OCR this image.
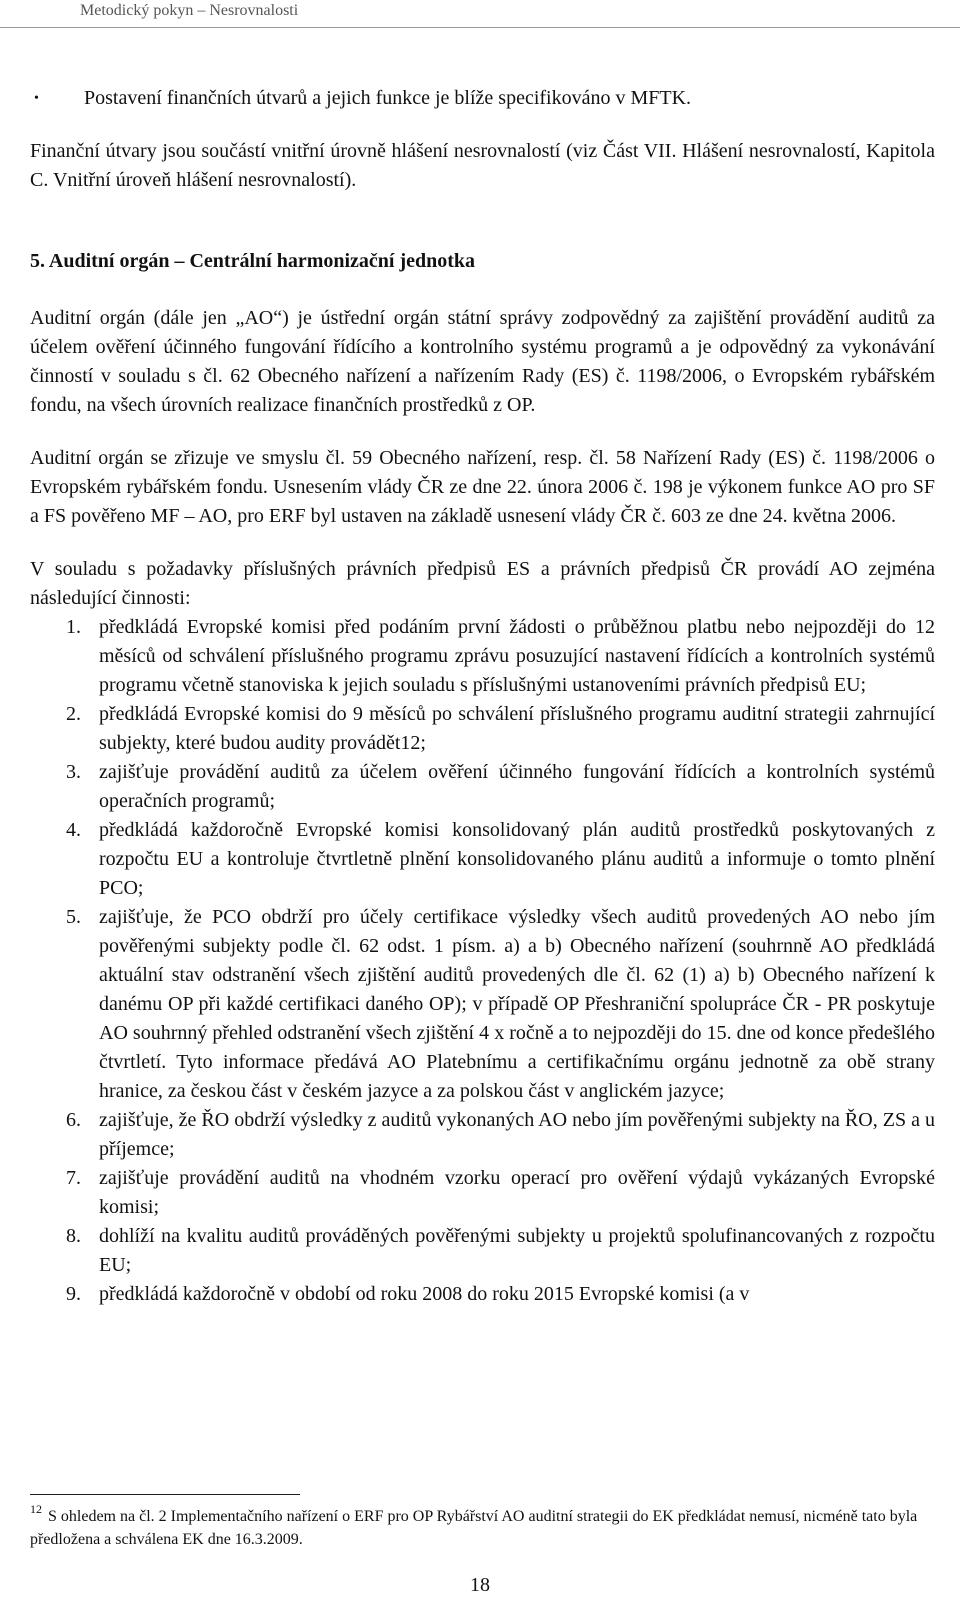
Metodický pokyn – Nesrovnalosti
•	Postavení finančních útvarů a jejich funkce je blíže specifikováno v MFTK.

Finanční útvary jsou součástí vnitřní úrovně hlášení nesrovnalostí (viz Část VII. Hlášení nesrovnalostí, Kapitola C. Vnitřní úroveň hlášení nesrovnalostí).

5. Auditní orgán – Centrální harmonizační jednotka

Auditní orgán (dále jen „AO“) je ústřední orgán státní správy zodpovědný za zajištění provádění auditů za účelem ověření účinného fungování řídícího a kontrolního systému programů a je odpovědný za vykonávání činností v souladu s čl. 62 Obecného nařízení a nařízením Rady (ES) č. 1198/2006, o Evropském rybářském fondu, na všech úrovních realizace finančních prostředků z OP.

Auditní orgán se zřizuje ve smyslu čl. 59 Obecného nařízení, resp. čl. 58 Nařízení Rady (ES) č. 1198/2006 o Evropském rybářském fondu. Usnesením vlády ČR ze dne 22. února 2006 č. 198 je výkonem funkce AO pro SF a FS pověřeno MF – AO, pro ERF byl ustaven na základě usnesení vlády ČR č. 603 ze dne 24. května 2006.

V souladu s požadavky příslušných právních předpisů ES a právních předpisů ČR provádí AO zejména následující činnosti:

1. předkládá Evropské komisi před podáním první žádosti o průběžnou platbu nebo nejpozději do 12 měsíců od schválení příslušného programu zprávu posuzující nastavení řídících a kontrolních systémů programu včetně stanoviska k jejich souladu s příslušnými ustanoveními právních předpisů EU;
2. předkládá Evropské komisi do 9 měsíců po schválení příslušného programu auditní strategii zahrnující subjekty, které budou audity provádět12;
3. zajišťuje provádění auditů za účelem ověření účinného fungování řídících a kontrolních systémů operačních programů;
4. předkládá každoročně Evropské komisi konsolidovaný plán auditů prostředků poskytovaných z rozpočtu EU a kontroluje čtvrtletně plnění konsolidovaného plánu auditů a informuje o tomto plnění PCO;
5. zajišťuje, že PCO obdrží pro účely certifikace výsledky všech auditů provedených AO nebo jím pověřenými subjekty podle čl. 62 odst. 1 písm. a) a b) Obecného nařízení (souhrnně AO předkládá aktuální stav odstranění všech zjištění auditů provedených dle čl. 62 (1) a) b) Obecného nařízení k danému OP při každé certifikaci daného OP); v případě OP Přeshraniční spolupráce ČR - PR poskytuje AO souhrnný přehled odstranění všech zjištění 4 x ročně a to nejpozději do 15. dne od konce předešlého čtvrtletí. Tyto informace předává AO Platebnímu a certifikačnímu orgánu jednotně za obě strany hranice, za českou část v českém jazyce a za polskou část v anglickém jazyce;
6. zajišťuje, že ŘO obdrží výsledky z auditů vykonaných AO nebo jím pověřenými subjekty na ŘO, ZS a u příjemce;
7. zajišťuje provádění auditů na vhodném vzorku operací pro ověření výdajů vykázaných Evropské komisi;
8. dohlíží na kvalitu auditů prováděných pověřenými subjekty u projektů spolufinancovaných z rozpočtu EU;
9. předkládá každoročně v období od roku 2008 do roku 2015 Evropské komisi (a v
$^{12}$ S ohledem na čl. 2 Implementačního nařízení o ERF pro OP Rybářství AO auditní strategii do EK předkládat nemusí, nicméně tato byla předložena a schválena EK dne 16.3.2009.
18
